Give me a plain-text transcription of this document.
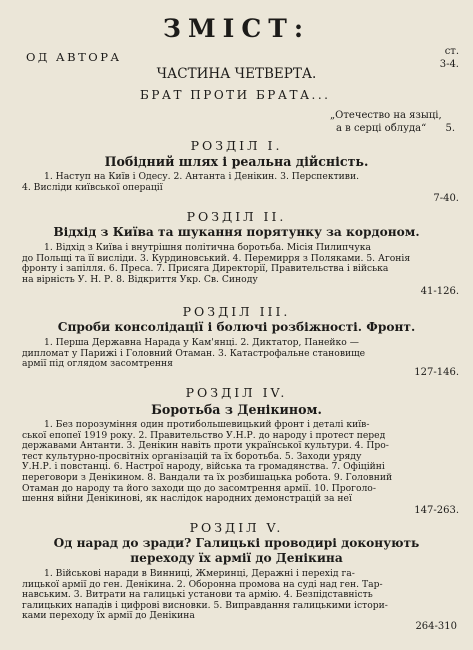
ЗМІСТ:
ст.
ОД АВТОРА
3-4.
ЧАСТИНА ЧЕТВЕРТА.
БРАТ ПРОТИ БРАТА...
„Отечество на языці,
а в серці облуда“ 5.
РОЗДІЛ І.
Побідний шлях і реальна дійсність.
1. Наступ на Київ і Одесу. 2. Антанта і Денікин. 3. Перспективи.
4. Висліди київської операції
7-40.
РОЗДІЛ ІІ.
Відхід з Київа та шукання порятунку за кордоном.
1. Відхід з Київа і внутрішня політична боротьба. Місія Пилипчука
до Польщі та її висліди. 3. Курдиновський. 4. Перемирря з Поляками. 5. Агонія
фронту і запілля. 6. Преса. 7. Присяга Директорії, Правительства і війська
на вірність У. Н. Р. 8. Відкриття Укр. Св. Синоду
41-126.
РОЗДІЛ ІІІ.
Спроби консолідації і болючі розбіжності. Фронт.
1. Перша Державна Нарада у Кам'янці. 2. Диктатор, Панейко —
дипломат у Парижі і Головний Отаман. 3. Катастрофальне становище
армії під оглядом засомтрення
127-146.
РОЗДІЛ IV.
Боротьба з Денікином.
1. Без порозуміння один протибольшевицький фронт і деталі київ-
ської епопеї 1919 року. 2. Правительство У.Н.Р. до народу і протест перед
державами Антанти. 3. Денікин навіть проти української культури. 4. Про-
тест культурно-просвітніх організацій та їх боротьба. 5. Заходи уряду
У.Н.Р. і повстанці. 6. Настрої народу, війська та громадянства. 7. Офіційні
переговори з Денікином. 8. Вандали та їх розбишацька робота. 9. Головний
Отаман до народу та його заходи що до засомтрення армії. 10. Проголо-
шення війни Денікинові, як наслідок народних демонстрацій за неї
147-263.
РОЗДІЛ V.
Од нарад до зради? Галицькі проводирі доконують
переходу їх армії до Денікина
1. Військові наради в Винниці, Жмеринці, Деражні і перехід га-
лицької армії до ген. Денікина. 2. Оборонна промова на суді над ген. Тар-
навським. 3. Витрати на галицькі установи та армію. 4. Безпідставність
галицьких нападів і цифрові висновки. 5. Виправдання галицькими істори-
ками переходу їх армії до Денікина
264-310
